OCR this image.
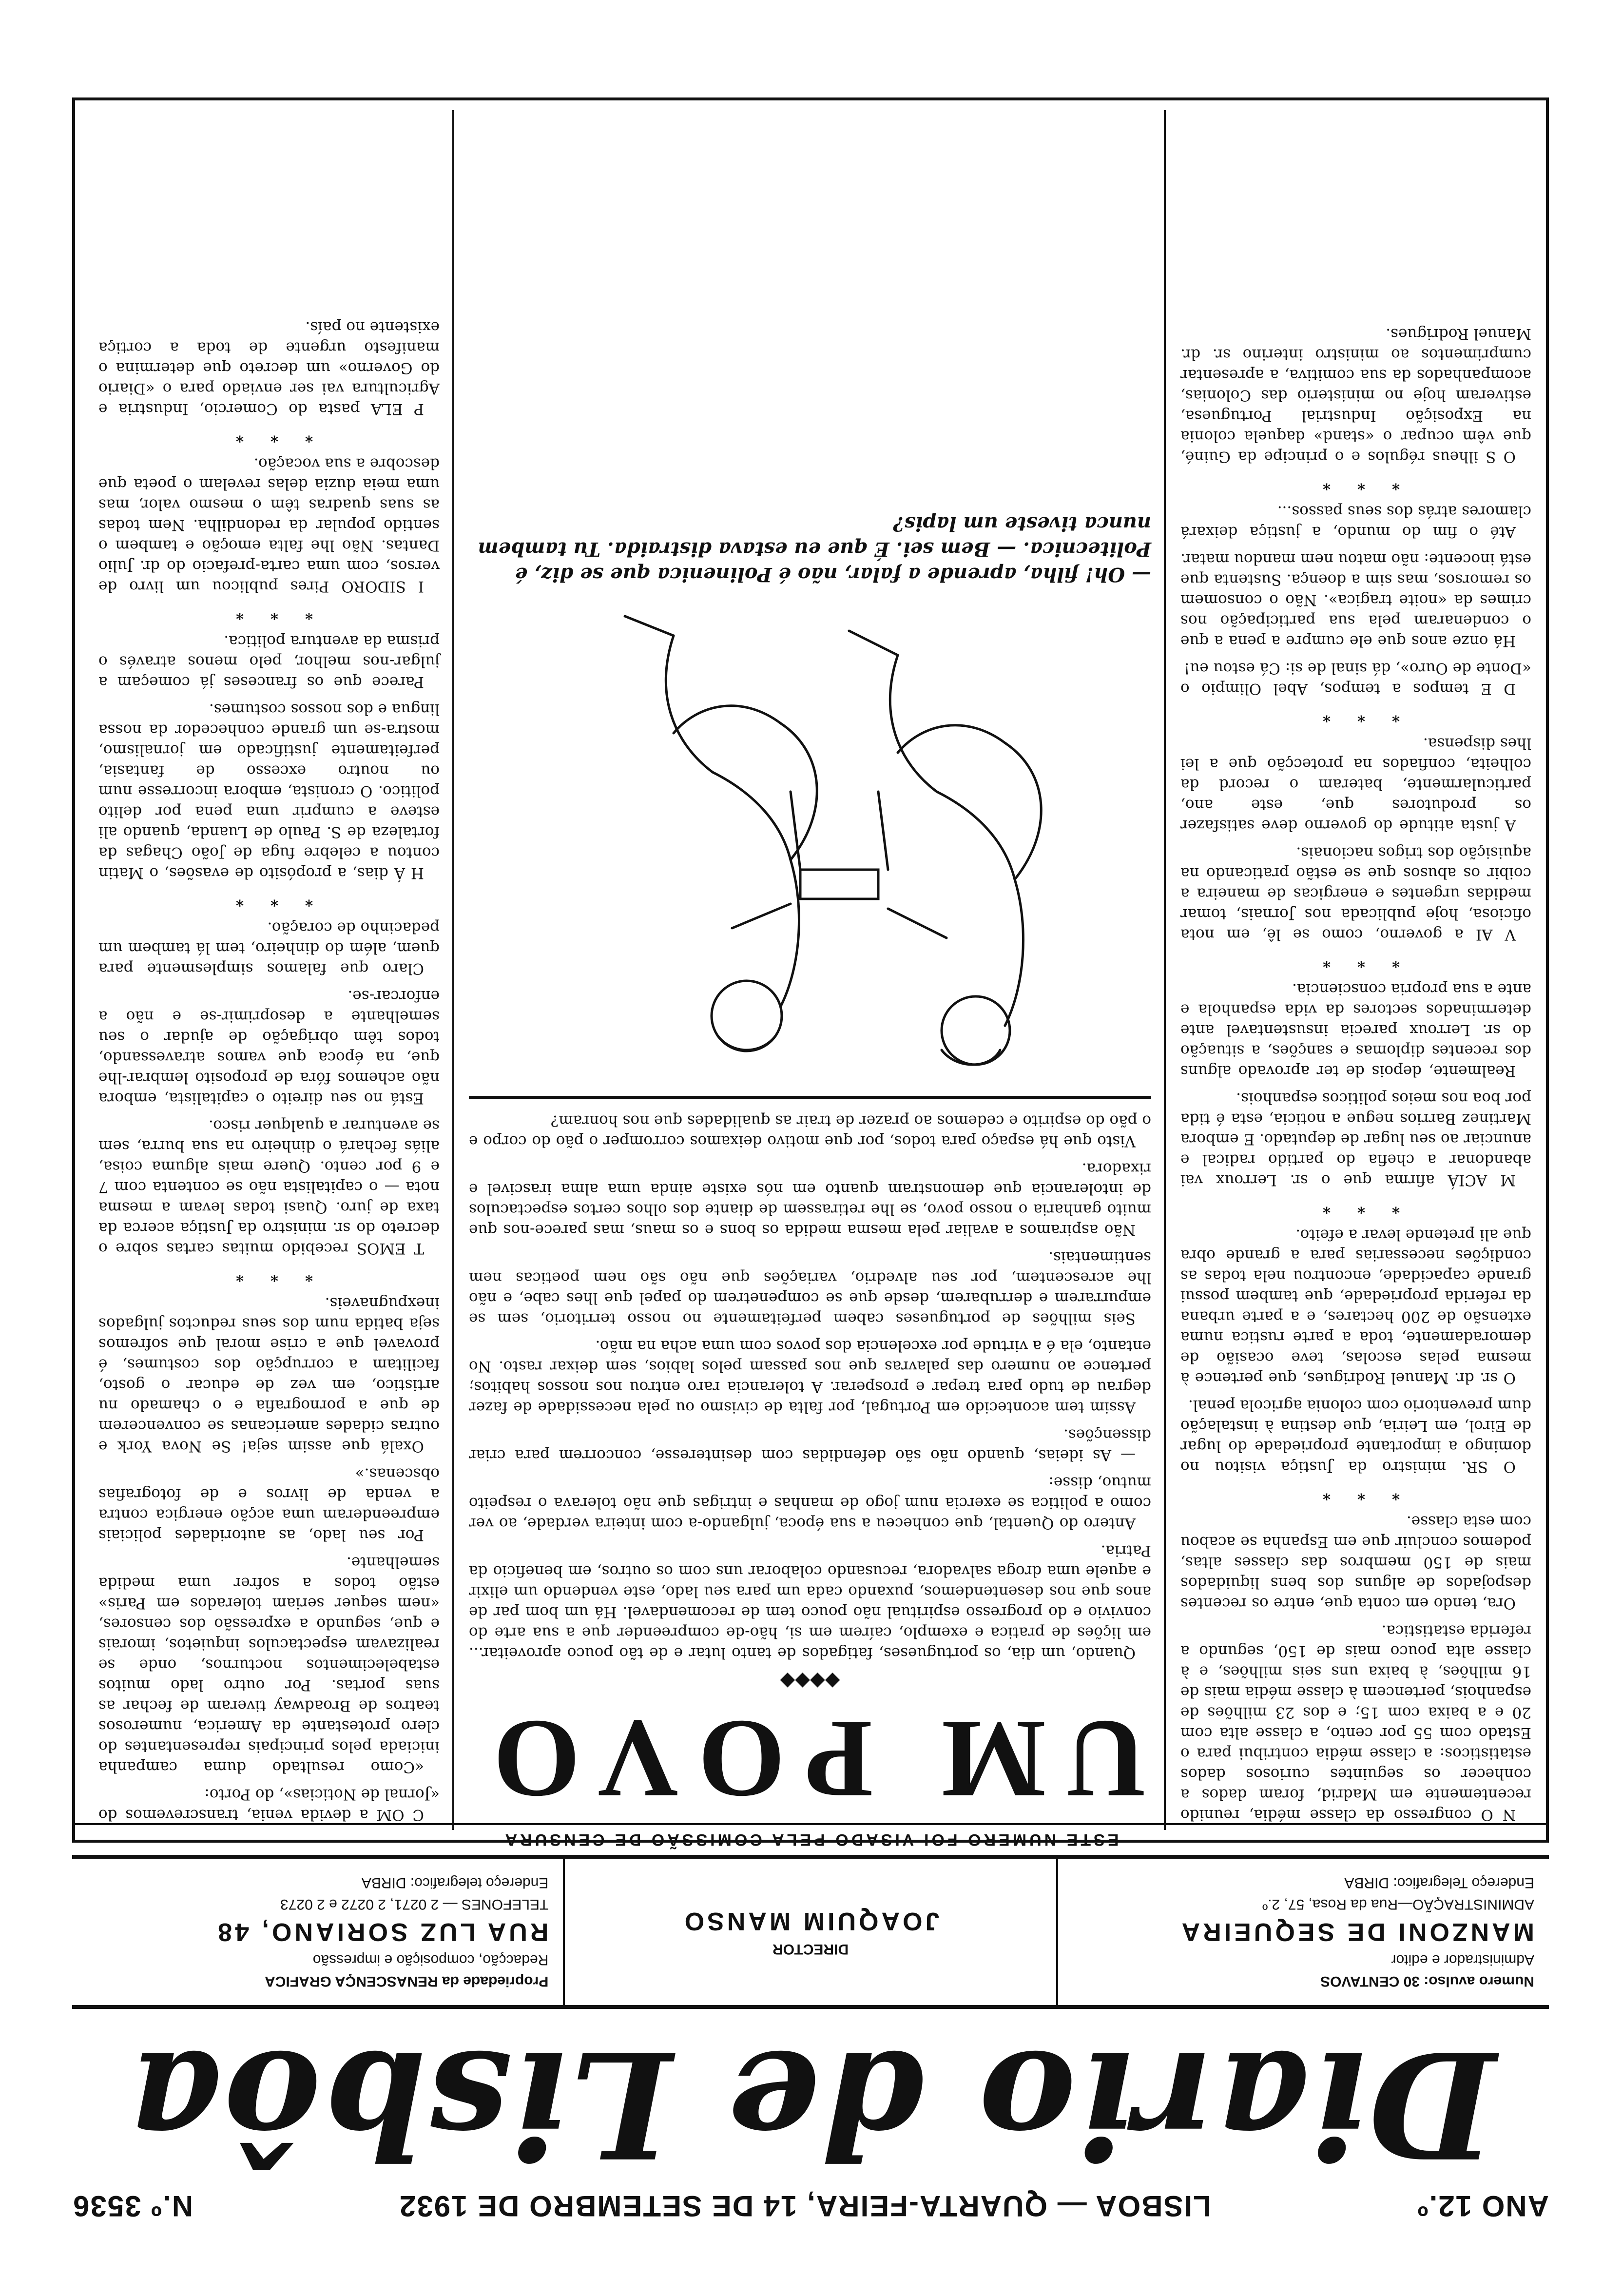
ANO 12.º
LISBOA — QUARTA-FEIRA, 14 DE SETEMBRO DE 1932
N.º 3536
Diario de Lisbôa
Numero avulso: 30 CENTAVOS
Administrador e editor
MANZONI DE SEQUEIRA
ADMINISTRAÇÃO—Rua da Rosa, 57, 2.º
Endereço Telegrafico: DIRBA
DIRECTOR
JOAQUIM MANSO
Propriedade da RENASCENÇA GRAFICA
Redacção, composição e impressão
RUA LUZ SORIANO, 48
TELEFONES — 2 0271, 2 0272 e 2 0273
Endereço telegrafico: DIRBA
ESTE NUMERO FOI VISADO PELA COMISSÃO DE CENSURA

N O congresso da classe média, reunido recentemente em Madrid, foram dados a conhecer os seguintes curiosos dados estatisticos: a classe média contribui para o Estado com 55 por cento, a classe alta com 20 e a baixa com 15; e dos 23 milhões de espanhois, pertencem à classe média mais de 16 milhões, à baixa uns seis milhões, e à classe alta pouco mais de 150, segundo a referida estatistica.

Ora, tendo em conta que, entre os recentes despojados de alguns dos bens liquidados mais de 150 membros das classes altas, podemos concluir que em Espanha se acabou com esta classe.

* * *

O SR. ministro da Justiça visitou no domingo a importante propriedade do lugar de Eirol, em Leiria, que destina à instalação dum preventorio com colonia agricola penal.

O sr. dr. Manuel Rodrigues, que pertence à mesma pelas escolas, teve ocasião de demoradamente, toda a parte rustica numa extensão de 200 hectares, e a parte urbana da referida propriedade, que tambem possui grande capacidade, encontrou nela todas as condições necessarias para a grande obra que ali pretende levar a efeito.

* * *

M ACIÁ afirma que o sr. Lerroux vai abandonar a chefia do partido radical e anunciar ao seu lugar de deputado. E embora Martinez Barrios negue a noticia, esta é tida por boa nos meios politicos espanhois.

Realmente, depois de ter aprovado alguns dos recentes diplomas e sanções, a situação do sr. Lerroux parecia insustentavel ante determinados sectores da vida espanhola e ante a sua propria consciencia.

* * *

V AI a governo, como se lê, em nota oficiosa, hoje publicada nos Jornais, tomar medidas urgentes e energicas de maneira a coibir os abusos que se estão praticando na aquisição dos trigos nacionais.

A justa atitude do governo deve satisfazer os produtores que, este ano, particularmente, bateram o record da colheita, confiados na protecção que a lei lhes dispensa.

* * *

D E tempos a tempos, Abel Olimpio o «Donte de Ouro», dá sinal de si: Cá estou eu!

Há onze anos que ele cumpre a pena a que o condenaram pela sua participação nos crimes da «noite tragica». Não o consomem os remorsos, mas sim a doença. Sustenta que está inocente: não matou nem mandou matar.

Até o fim do mundo, a justiça deixará clamores atrás dos seus passos...

* * *

O S ilheus régulos e o principe da Guiné, que vêm ocupar o «stand» daquela colonia na Exposição Industrial Portuguesa, estiveram hoje no ministerio das Colonias, acompanhados da sua comitiva, a apresentar cumprimentos ao ministro interino sr. dr. Manuel Rodrigues.

UM POVO
◆◆◆◆

Quando, um dia, os portugueses, fatigados de tanto lutar e de tão pouco aproveitar... em lições de pratica e exemplo, caírem em si, hão-de compreender que a sua arte do convivio e do progresso espiritual não pouco tem de recomendavel. Há um bom par de anos que nos desentendemos, puxando cada um para seu lado, este vendendo um elixir e aquele uma droga salvadora, recusando colaborar uns com os outros, em beneficio da Patria.

Antero do Quental, que conheceu a sua época, julgando-a com inteira verdade, ao ver como a politica se exercia num jogo de manhas e intrigas que não tolerava o respeito mutuo, disse:

— As ideias, quando não são defendidas com desinteresse, concorrem para criar dissenções.

Assim tem acontecido em Portugal, por falta de civismo ou pela necessidade de fazer degrau de tudo para trepar e prosperar. A tolerancia raro entrou nos nossos habitos; pertence ao numero das palavras que nos passam pelos labios, sem deixar rasto. No entanto, ela é a virtude por excelencia dos povos com uma acha na mão.

Seis milhões de portugueses cabem perfeitamente no nosso territorio, sem se empurrarem e derrubarem, desde que se compenetrem do papel que lhes cabe, e não lhe acrescentem, por seu alvedrio, variações que não são nem poeticas nem sentimentais.

Não aspiramos a avaliar pela mesma medida os bons e os maus, mas parece-nos que muito ganharia o nosso povo, se lhe retirassem de diante dos olhos certos espectaculos de intolerancia que demonstram quanto em nós existe ainda uma alma irascivel e rixadora.

Visto que há espaço para todos, por que motivo deixamos corromper o pão do corpo e o pão do espirito e cedemos ao prazer de trair as qualidades que nos honram?

— Oh! filha, aprende a falar, não é Polinenica que se diz, é Politecnica. — Bem sei. É que eu estava distraida. Tu tambem nunca tiveste um lapis?

C OM a devida venia, transcrevemos do «Jornal de Noticias», do Porto:

«Como resultado duma campanha iniciada pelos principais representantes do clero protestante da America, numerosos teatros de Broadway tiveram de fechar as suas portas. Por outro lado muitos estabelecimentos nocturnos, onde se realizavam espectaculos inquietos, imorais e que, segundo a expressão dos censores, «nem sequer seriam tolerados em Paris» estão todos a sofrer uma medida semelhante.

Por seu lado, as autoridades policiais empreenderam uma acção energica contra a venda de livros e de fotografias obscenas.»

Oxalá que assim seja! Se Nova York e outras cidades americanas se convencerem de que a pornografia e o chamado nu artistico, em vez de educar o gosto, facilitam a corrupção dos costumes, é provavel que a crise moral que sofremos seja batida num dos seus reductos julgados inexpugnaveis.

* * *

T EMOS recebido muitas cartas sobre o decreto do sr. ministro da Justiça acerca da taxa de juro. Quasi todas levam a mesma nota — o capitalista não se contenta com 7 e 9 por cento. Quere mais alguma coisa, aliás fechará o dinheiro na sua burra, sem se aventurar a qualquer risco.

Está no seu direito o capitalista, embora não achemos fóra de proposito lembrar-lhe que, na época que vamos atravessando, todos têm obrigação de ajudar o seu semelhante a desoprimir-se e não a enforcar-se.

Claro que falamos simplesmente para quem, além do dinheiro, tem lá tambem um pedacinho de coração.

* * *

H Á dias, a propósito de evasões, o Matin contou a celebre fuga de João Chagas da fortaleza de S. Paulo de Luanda, quando ali esteve a cumprir uma pena por delito politico. O cronista, embora incorresse num ou noutro excesso de fantasia, perfeitamente justificado em jornalismo, mostra-se um grande conhecedor da nossa lingua e dos nossos costumes.

Parece que os franceses já começam a julgar-nos melhor, pelo menos através o prisma da aventura politica.

* * *

I SIDORO Pires publicou um livro de versos, com uma carta-prefacio do dr. Julio Dantas. Não lhe falta emoção e tambem o sentido popular da redondilha. Nem todas as suas quadras têm o mesmo valor, mas uma meia duzia delas revelam o poeta que descobre a sua vocação.

* * *

P ELA pasta do Comercio, Industria e Agricultura vai ser enviado para o «Diario do Governo» um decreto que determina o manifesto urgente de toda a cortiça existente no país.
